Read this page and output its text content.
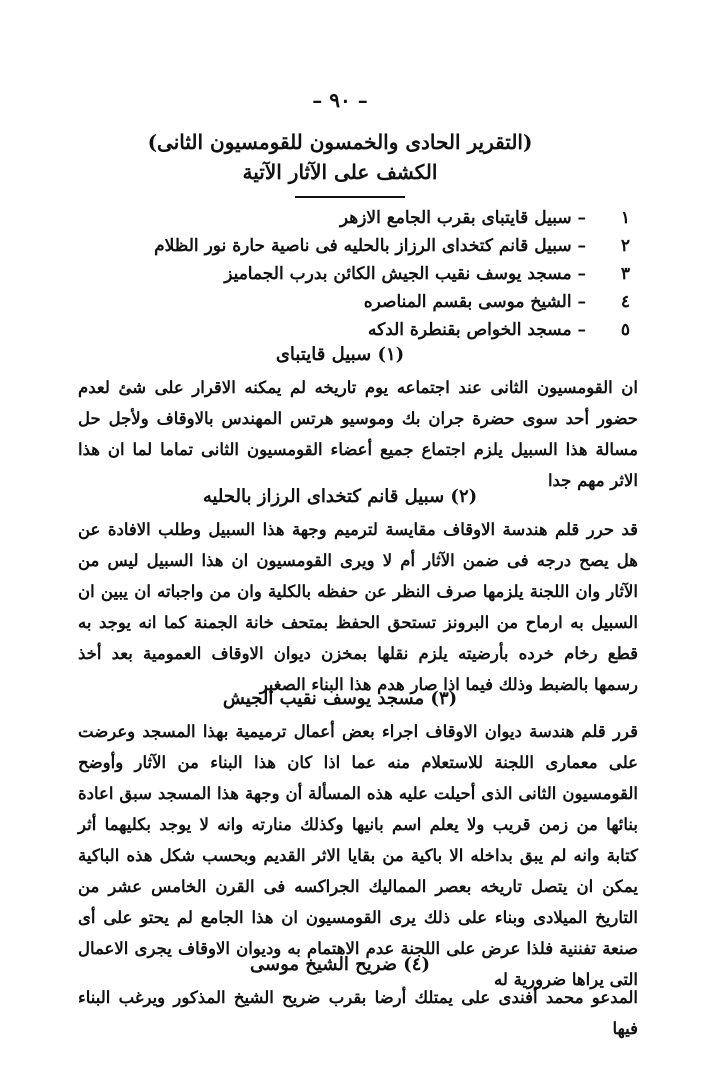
– ٩٠ –
(التقرير الحادى والخمسون للقومسيون الثانى)
الكشف على الآثار الآتية
١– سبيل قايتباى بقرب الجامع الازهر
٢– سبيل قانم كتخداى الرزاز بالحليه فى ناصية حارة نور الظلام
٣– مسجد يوسف نقيب الجيش الكائن بدرب الجماميز
٤– الشيخ موسى بقسم المناصره
٥– مسجد الخواص بقنطرة الدكه
(١) سبيل قايتباى

ان القومسيون الثانى عند اجتماعه يوم تاريخه لم يمكنه الاقرار على شئ لعدم حضور أحد سوى حضرة جران بك وموسيو هرتس المهندس بالاوقاف ولأجل حل مسالة هذا السبيل يلزم اجتماع جميع أعضاء القومسيون الثانى تماما لما ان هذا الاثر مهم جدا

(٢) سبيل قانم كتخداى الرزاز بالحليه

قد حرر قلم هندسة الاوقاف مقايسة لترميم وجهة هذا السبيل وطلب الافادة عن هل يصح درجه فى ضمن الآثار أم لا ويرى القومسيون ان هذا السبيل ليس من الآثار وان اللجنة يلزمها صرف النظر عن حفظه بالكلية وان من واجباته ان يبين ان السبيل به ارماح من البرونز تستحق الحفظ بمتحف خانة الجمنة كما انه يوجد به قطع رخام خرده بأرضيته يلزم نقلها بمخزن ديوان الاوقاف العمومية بعد أخذ رسمها بالضبط وذلك فيما اذا صار هدم هذا البناء الصغير

(٣) مسجد يوسف نقيب الجيش

قرر قلم هندسة ديوان الاوقاف اجراء بعض أعمال ترميمية بهذا المسجد وعرضت على معمارى اللجنة للاستعلام منه عما اذا كان هذا البناء من الآثار وأوضح القومسيون الثانى الذى أحيلت عليه هذه المسألة أن وجهة هذا المسجد سبق اعادة بنائها من زمن قريب ولا يعلم اسم بانيها وكذلك منارته وانه لا يوجد بكليهما أثر كتابة وانه لم يبق بداخله الا باكية من بقايا الاثر القديم وبحسب شكل هذه الباكية يمكن ان يتصل تاريخه بعصر المماليك الجراكسه فى القرن الخامس عشر من التاريخ الميلادى وبناء على ذلك يرى القومسيون ان هذا الجامع لم يحتو على أى صنعة تفننية فلذا عرض على اللجنة عدم الاهتمام به وديوان الاوقاف يجرى الاعمال التى يراها ضرورية له

(٤) ضريح الشيخ موسى

المدعو محمد أفندى على يمتلك أرضا بقرب ضريح الشيخ المذكور ويرغب البناء فيها
